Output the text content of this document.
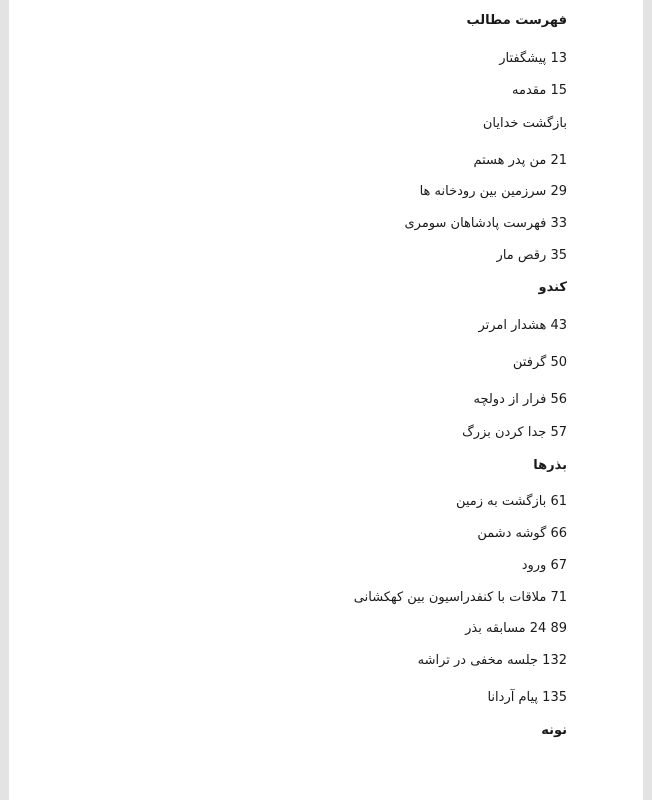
فهرست مطالب
13 پیشگفتار
15 مقدمه
بازگشت خدایان
21 من پدر هستم
29 سرزمین بین رودخانه ها
33 فهرست پادشاهان سومری
35 رقص مار
کندو
43 هشدار امرتر
50 گرفتن
56 فرار از دولچه
57 جدا کردن بزرگ
بذرها
61 بازگشت به زمین
66 گوشه دشمن
67 ورود
71 ملاقات با کنفدراسیون بین کهکشانی
89 24 مسابقه بذر
132 جلسه مخفی در تراشه
135 پیام آردانا
نونه
